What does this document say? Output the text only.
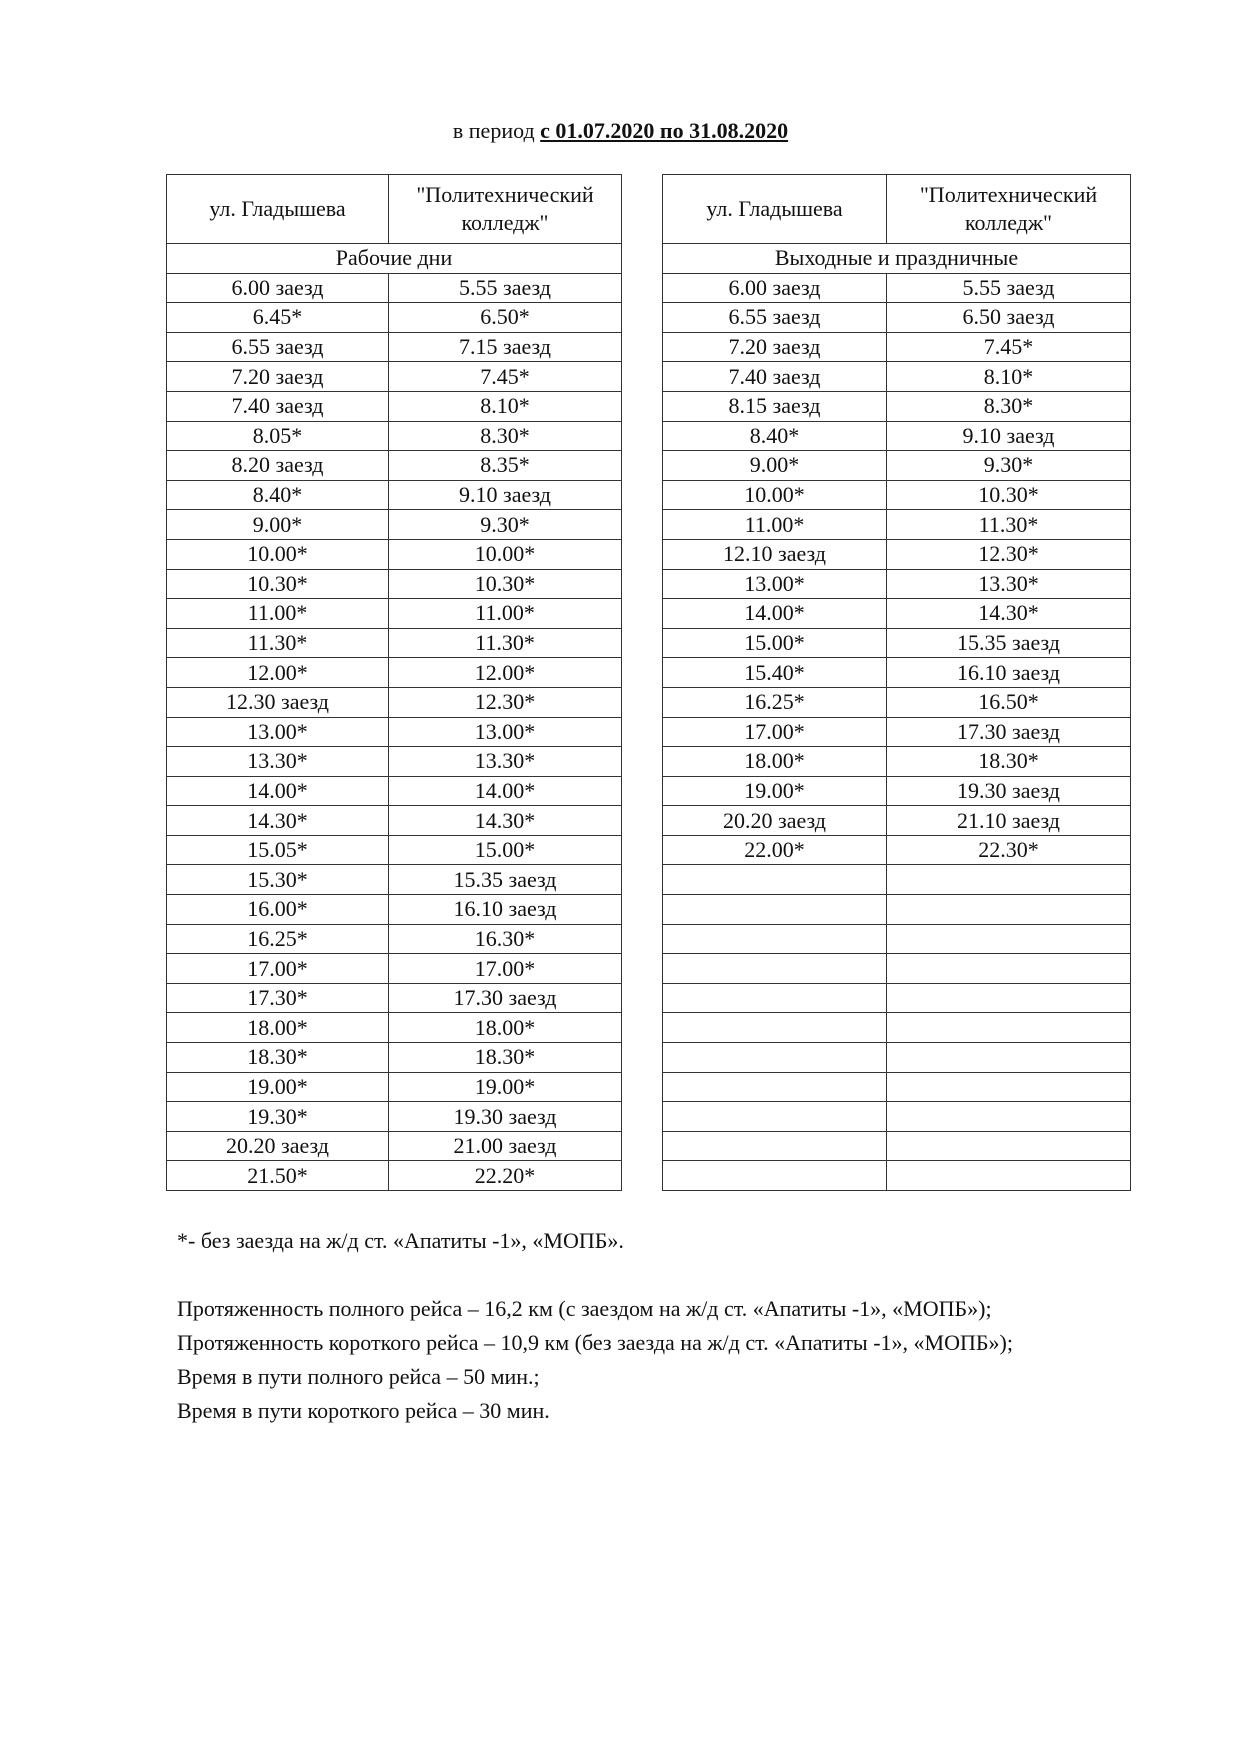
в период с 01.07.2020 по 31.08.2020
ул. Гладышева	"Политехнический колледж"
Рабочие дни	
6.00 заезд	5.55 заезд
6.45*	6.50*
6.55 заезд	7.15 заезд
7.20 заезд	7.45*
7.40 заезд	8.10*
8.05*	8.30*
8.20 заезд	8.35*
8.40*	9.10 заезд
9.00*	9.30*
10.00*	10.00*
10.30*	10.30*
11.00*	11.00*
11.30*	11.30*
12.00*	12.00*
12.30 заезд	12.30*
13.00*	13.00*
13.30*	13.30*
14.00*	14.00*
14.30*	14.30*
15.05*	15.00*
15.30*	15.35 заезд
16.00*	16.10 заезд
16.25*	16.30*
17.00*	17.00*
17.30*	17.30 заезд
18.00*	18.00*
18.30*	18.30*
19.00*	19.00*
19.30*	19.30 заезд
20.20 заезд	21.00 заезд
21.50*	22.20*
ул. Гладышева	"Политехнический колледж"
Выходные и праздничные	
6.00 заезд	5.55 заезд
6.55 заезд	6.50 заезд
7.20 заезд	7.45*
7.40 заезд	8.10*
8.15 заезд	8.30*
8.40*	9.10 заезд
9.00*	9.30*
10.00*	10.30*
11.00*	11.30*
12.10 заезд	12.30*
13.00*	13.30*
14.00*	14.30*
15.00*	15.35 заезд
15.40*	16.10 заезд
16.25*	16.50*
17.00*	17.30 заезд
18.00*	18.30*
19.00*	19.30 заезд
20.20 заезд	21.10 заезд
22.00*	22.30*

*- без заезда на ж/д ст. «Апатиты -1», «МОПБ».

Протяженность полного рейса – 16,2 км (с заездом на ж/д ст. «Апатиты -1», «МОПБ»);

Протяженность короткого рейса – 10,9 км (без заезда на ж/д ст. «Апатиты -1», «МОПБ»);

Время в пути полного рейса – 50 мин.;

Время в пути короткого рейса – 30 мин.
